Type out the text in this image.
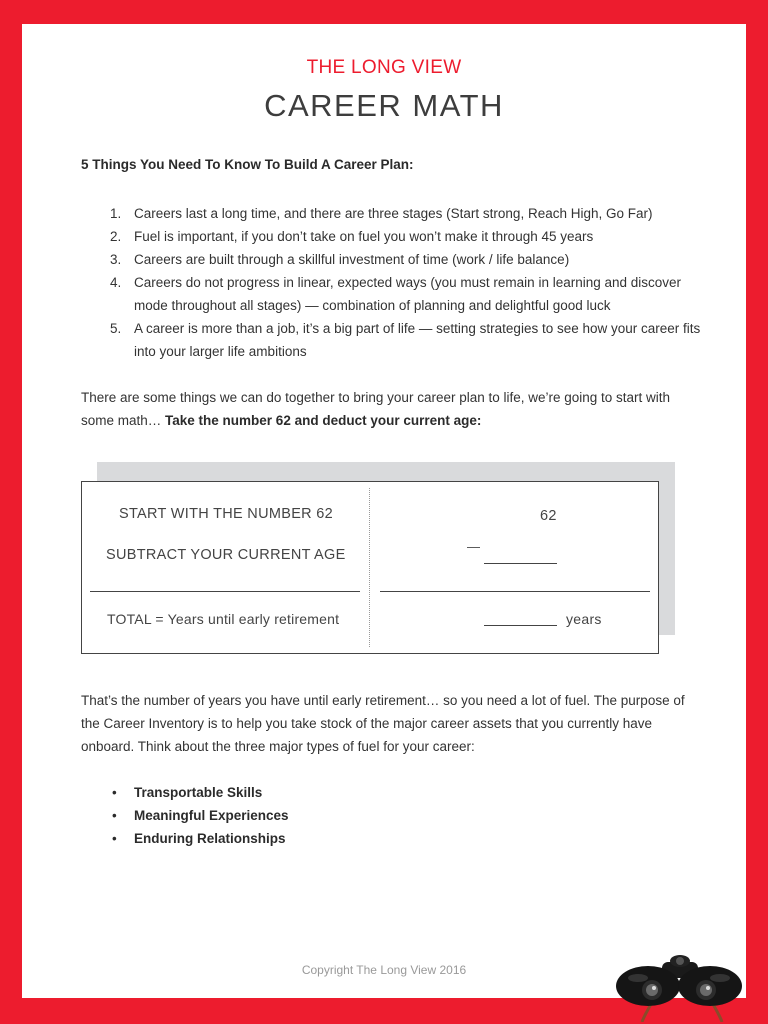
THE LONG VIEW
CAREER MATH
5 Things You Need To Know To Build A Career Plan:
1. Careers last a long time, and there are three stages (Start strong, Reach High, Go Far)
2. Fuel is important, if you don’t take on fuel you won’t make it through 45 years
3. Careers are built through a skillful investment of time (work / life balance)
4. Careers do not progress in linear, expected ways (you must remain in learning and discover mode throughout all stages) — combination of planning and delightful good luck
5. A career is more than a job, it’s a big part of life — setting strategies to see how your career fits into your larger life ambitions

There are some things we can do together to bring your career plan to life, we’re going to start with some math… Take the number 62 and deduct your current age:

START WITH THE NUMBER 62	62
SUBTRACT YOUR CURRENT AGE
—
TOTAL = Years until early retirement	years

That’s the number of years you have until early retirement… so you need a lot of fuel. The purpose of the Career Inventory is to help you take stock of the major career assets that you currently have onboard. Think about the three major types of fuel for your career:

• Transportable Skills
• Meaningful Experiences
• Enduring Relationships
Copyright The Long View 2016
